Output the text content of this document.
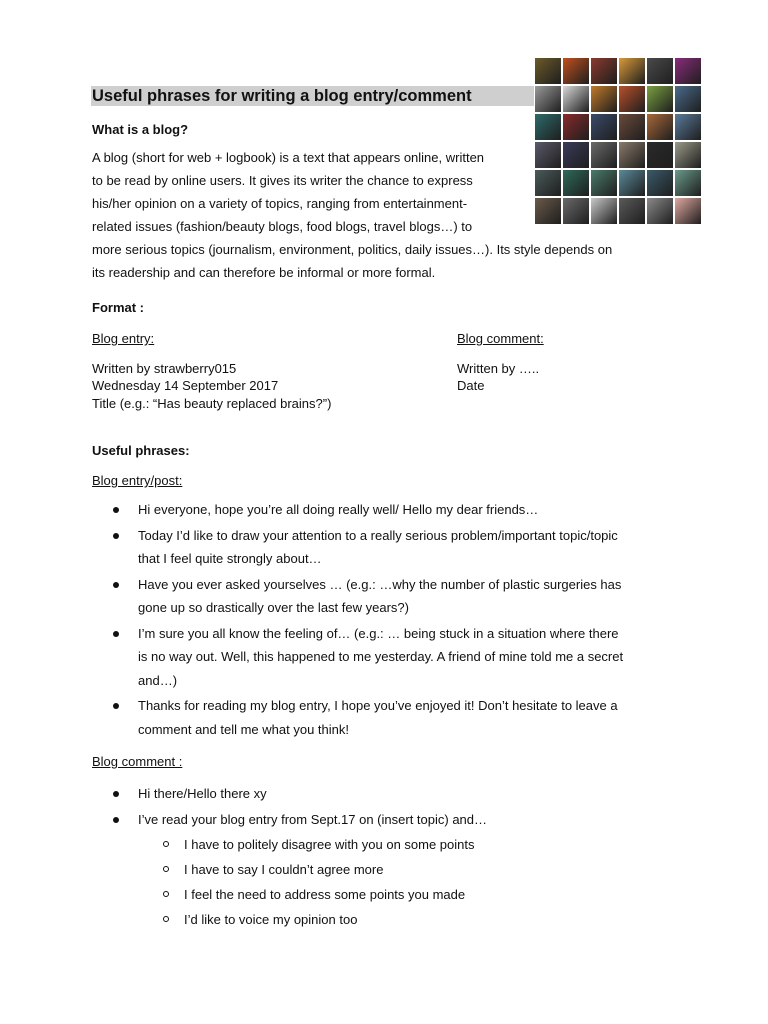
Useful phrases for writing a blog entry/comment
What is a blog?
A blog (short for web + logbook) is a text that appears online, written
to be read by online users. It gives its writer the chance to express
his/her opinion on a variety of topics, ranging from entertainment-
related issues (fashion/beauty blogs, food blogs, travel blogs…) to
more serious topics (journalism, environment, politics, daily issues…). Its style depends on
its readership and can therefore be informal or more formal.
Format :
Blog entry:	Blog comment:
Written by strawberry015
Wednesday 14 September 2017
Title (e.g.: “Has beauty replaced brains?”)
Written by …..
Date
Useful phrases:
Blog entry/post:
Hi everyone, hope you’re all doing really well/ Hello my dear friends…
Today I’d like to draw your attention to a really serious problem/important topic/topic
that I feel quite strongly about…
Have you ever asked yourselves … (e.g.: …why the number of plastic surgeries has
gone up so drastically over the last few years?)
I’m sure you all know the feeling of… (e.g.: … being stuck in a situation where there
is no way out. Well, this happened to me yesterday. A friend of mine told me a secret
and…)
Thanks for reading my blog entry, I hope you’ve enjoyed it! Don’t hesitate to leave a
comment and tell me what you think!
Blog comment :
Hi there/Hello there xy
I’ve read your blog entry from Sept.17 on (insert topic) and…
I have to politely disagree with you on some points
I have to say I couldn’t agree more
I feel the need to address some points you made
I’d like to voice my opinion too
